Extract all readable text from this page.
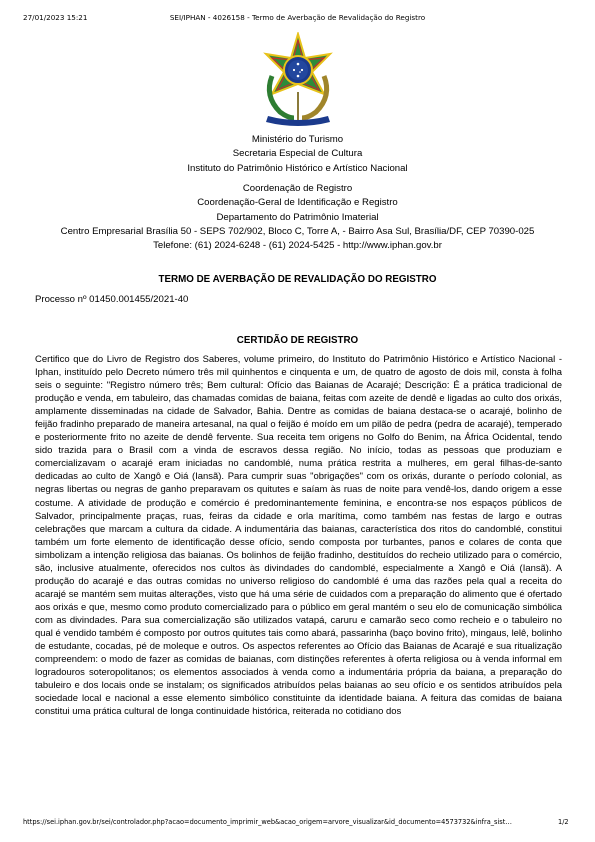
27/01/2023 15:21	SEI/IPHAN - 4026158 - Termo de Averbação de Revalidação do Registro
Ministério do Turismo
Secretaria Especial de Cultura
Instituto do Patrimônio Histórico e Artístico Nacional
Coordenação de Registro
Coordenação-Geral de Identificação e Registro
Departamento do Patrimônio Imaterial
Centro Empresarial Brasília 50 - SEPS 702/902, Bloco C, Torre A, - Bairro Asa Sul, Brasília/DF, CEP 70390-025
Telefone: (61) 2024-6248 - (61) 2024-5425 - http://www.iphan.gov.br
TERMO DE AVERBAÇÃO DE REVALIDAÇÃO DO REGISTRO
Processo nº 01450.001455/2021-40
CERTIDÃO DE REGISTRO
Certifico que do Livro de Registro dos Saberes, volume primeiro, do Instituto do Patrimônio Histórico e Artístico Nacional - Iphan, instituído pelo Decreto número três mil quinhentos e cinquenta e um, de quatro de agosto de dois mil, consta à folha seis o seguinte: "Registro número três; Bem cultural: Ofício das Baianas de Acarajé; Descrição: É a prática tradicional de produção e venda, em tabuleiro, das chamadas comidas de baiana, feitas com azeite de dendê e ligadas ao culto dos orixás, amplamente disseminadas na cidade de Salvador, Bahia. Dentre as comidas de baiana destaca-se o acarajé, bolinho de feijão fradinho preparado de maneira artesanal, na qual o feijão é moído em um pilão de pedra (pedra de acarajé), temperado e posteriormente frito no azeite de dendê fervente. Sua receita tem origens no Golfo do Benim, na África Ocidental, tendo sido trazida para o Brasil com a vinda de escravos dessa região. No início, todas as pessoas que produziam e comercializavam o acarajé eram iniciadas no candomblé, numa prática restrita a mulheres, em geral filhas-de-santo dedicadas ao culto de Xangô e Oiá (Iansã). Para cumprir suas "obrigações" com os orixás, durante o período colonial, as negras libertas ou negras de ganho preparavam os quitutes e saíam às ruas de noite para vendê-los, dando origem a esse costume. A atividade de produção e comércio é predominantemente feminina, e encontra-se nos espaços públicos de Salvador, principalmente praças, ruas, feiras da cidade e orla marítima, como também nas festas de largo e outras celebrações que marcam a cultura da cidade. A indumentária das baianas, característica dos ritos do candomblé, constitui também um forte elemento de identificação desse ofício, sendo composta por turbantes, panos e colares de conta que simbolizam a intenção religiosa das baianas. Os bolinhos de feijão fradinho, destituídos do recheio utilizado para o comércio, são, inclusive atualmente, oferecidos nos cultos às divindades do candomblé, especialmente a Xangô e Oiá (Iansã). A produção do acarajé e das outras comidas no universo religioso do candomblé é uma das razões pela qual a receita do acarajé se mantém sem muitas alterações, visto que há uma série de cuidados com a preparação do alimento que é ofertado aos orixás e que, mesmo como produto comercializado para o público em geral mantém o seu elo de comunicação simbólica com as divindades. Para sua comercialização são utilizados vatapá, caruru e camarão seco como recheio e o tabuleiro no qual é vendido também é composto por outros quitutes tais como abará, passarinha (baço bovino frito), mingaus, lelê, bolinho de estudante, cocadas, pé de moleque e outros. Os aspectos referentes ao Ofício das Baianas de Acarajé e sua ritualização compreendem: o modo de fazer as comidas de baianas, com distinções referentes à oferta religiosa ou à venda informal em logradouros soteropolitanos; os elementos associados à venda como a indumentária própria da baiana, a preparação do tabuleiro e dos locais onde se instalam; os significados atribuídos pelas baianas ao seu ofício e os sentidos atribuídos pela sociedade local e nacional a esse elemento simbólico constituinte da identidade baiana. A feitura das comidas de baiana constitui uma prática cultural de longa continuidade histórica, reiterada no cotidiano dos
https://sei.iphan.gov.br/sei/controlador.php?acao=documento_imprimir_web&acao_origem=arvore_visualizar&id_documento=4573732&infra_sist…	1/2
